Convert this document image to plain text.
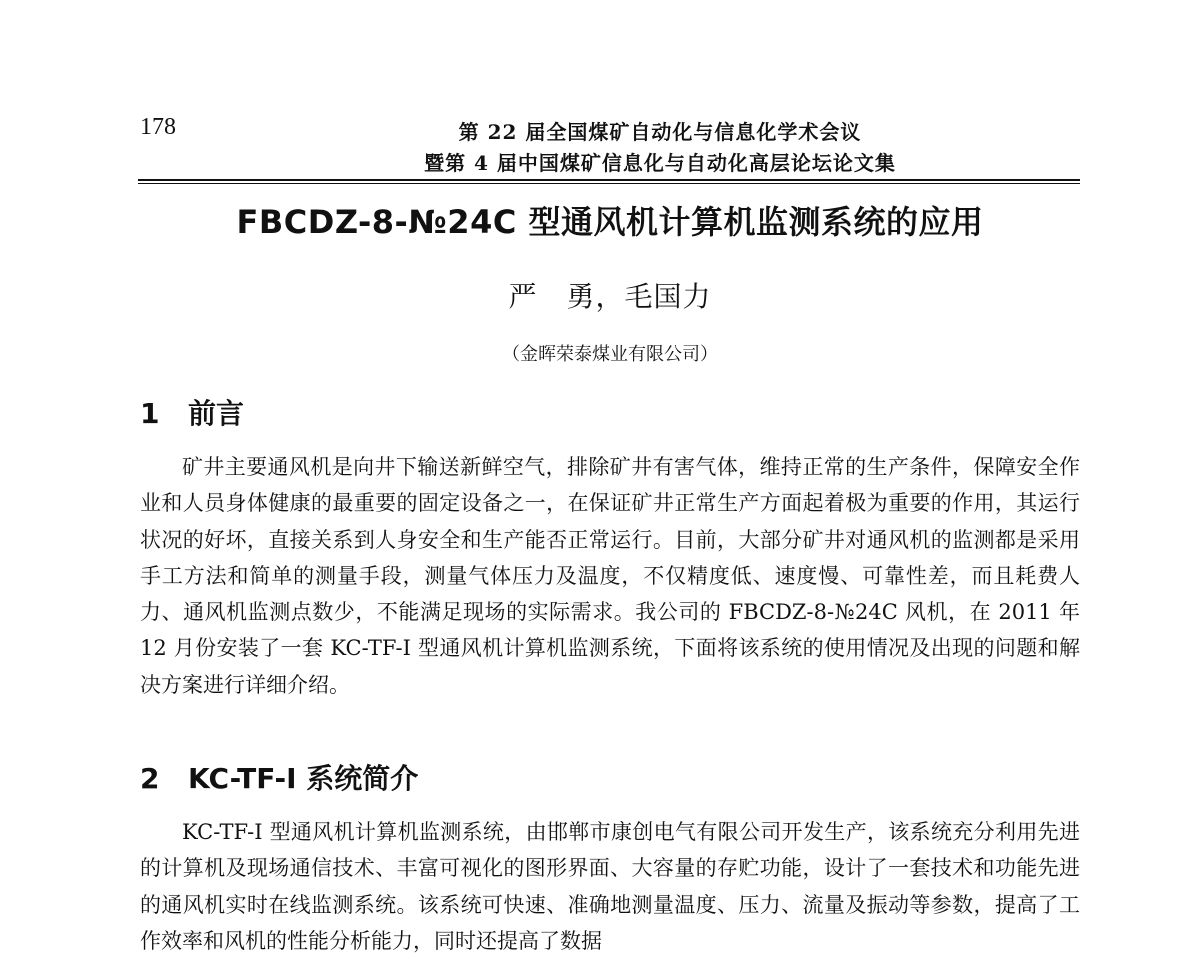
178	第 22 届全国煤矿自动化与信息化学术会议
暨第 4 届中国煤矿信息化与自动化高层论坛论文集
FBCDZ-8-№24C 型通风机计算机监测系统的应用
严　勇，毛国力
（金晖荣泰煤业有限公司）
1 前言

矿井主要通风机是向井下输送新鲜空气，排除矿井有害气体，维持正常的生产条件，保障安全作业和人员身体健康的最重要的固定设备之一，在保证矿井正常生产方面起着极为重要的作用，其运行状况的好坏，直接关系到人身安全和生产能否正常运行。目前，大部分矿井对通风机的监测都是采用手工方法和简单的测量手段，测量气体压力及温度，不仅精度低、速度慢、可靠性差，而且耗费人力、通风机监测点数少，不能满足现场的实际需求。我公司的 FBCDZ-8-№24C 风机，在 2011 年 12 月份安装了一套 KC-TF-I 型通风机计算机监测系统，下面将该系统的使用情况及出现的问题和解决方案进行详细介绍。

2 KC-TF-I 系统简介

KC-TF-I 型通风机计算机监测系统，由邯郸市康创电气有限公司开发生产，该系统充分利用先进的计算机及现场通信技术、丰富可视化的图形界面、大容量的存贮功能，设计了一套技术和功能先进的通风机实时在线监测系统。该系统可快速、准确地测量温度、压力、流量及振动等参数，提高了工作效率和风机的性能分析能力，同时还提高了数据
